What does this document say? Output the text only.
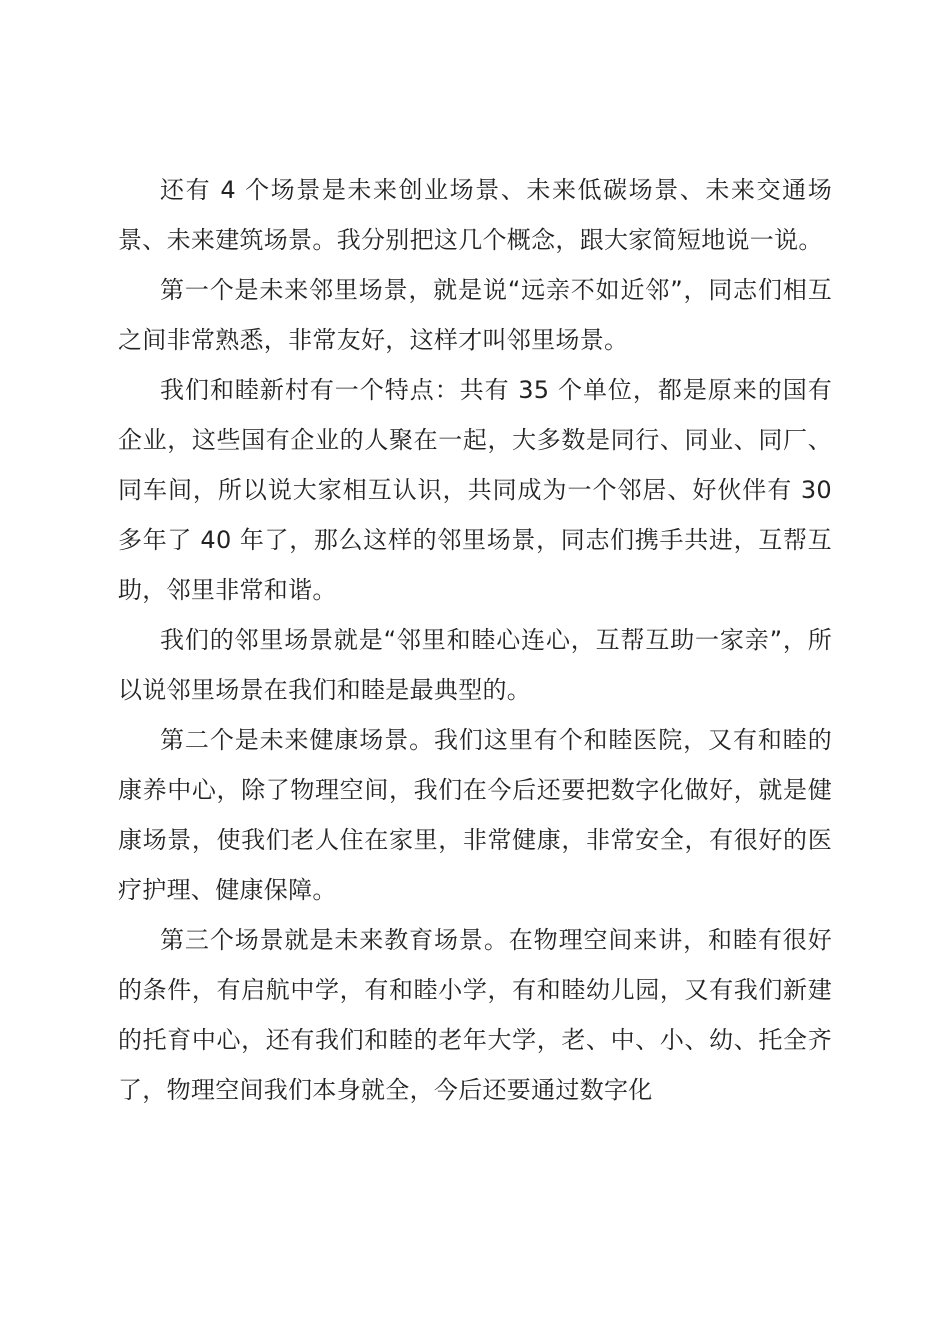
还有 4 个场景是未来创业场景、未来低碳场景、未来交通场景、未来建筑场景。我分别把这几个概念，跟大家简短地说一说。

第一个是未来邻里场景，就是说“远亲不如近邻”，同志们相互之间非常熟悉，非常友好，这样才叫邻里场景。

我们和睦新村有一个特点：共有 35 个单位，都是原来的国有企业，这些国有企业的人聚在一起，大多数是同行、同业、同厂、同车间，所以说大家相互认识，共同成为一个邻居、好伙伴有 30 多年了 40 年了，那么这样的邻里场景，同志们携手共进，互帮互助，邻里非常和谐。

我们的邻里场景就是“邻里和睦心连心，互帮互助一家亲”，所以说邻里场景在我们和睦是最典型的。

第二个是未来健康场景。我们这里有个和睦医院，又有和睦的康养中心，除了物理空间，我们在今后还要把数字化做好，就是健康场景，使我们老人住在家里，非常健康，非常安全，有很好的医疗护理、健康保障。

第三个场景就是未来教育场景。在物理空间来讲，和睦有很好的条件，有启航中学，有和睦小学，有和睦幼儿园，又有我们新建的托育中心，还有我们和睦的老年大学，老、中、小、幼、托全齐了，物理空间我们本身就全，今后还要通过数字化
